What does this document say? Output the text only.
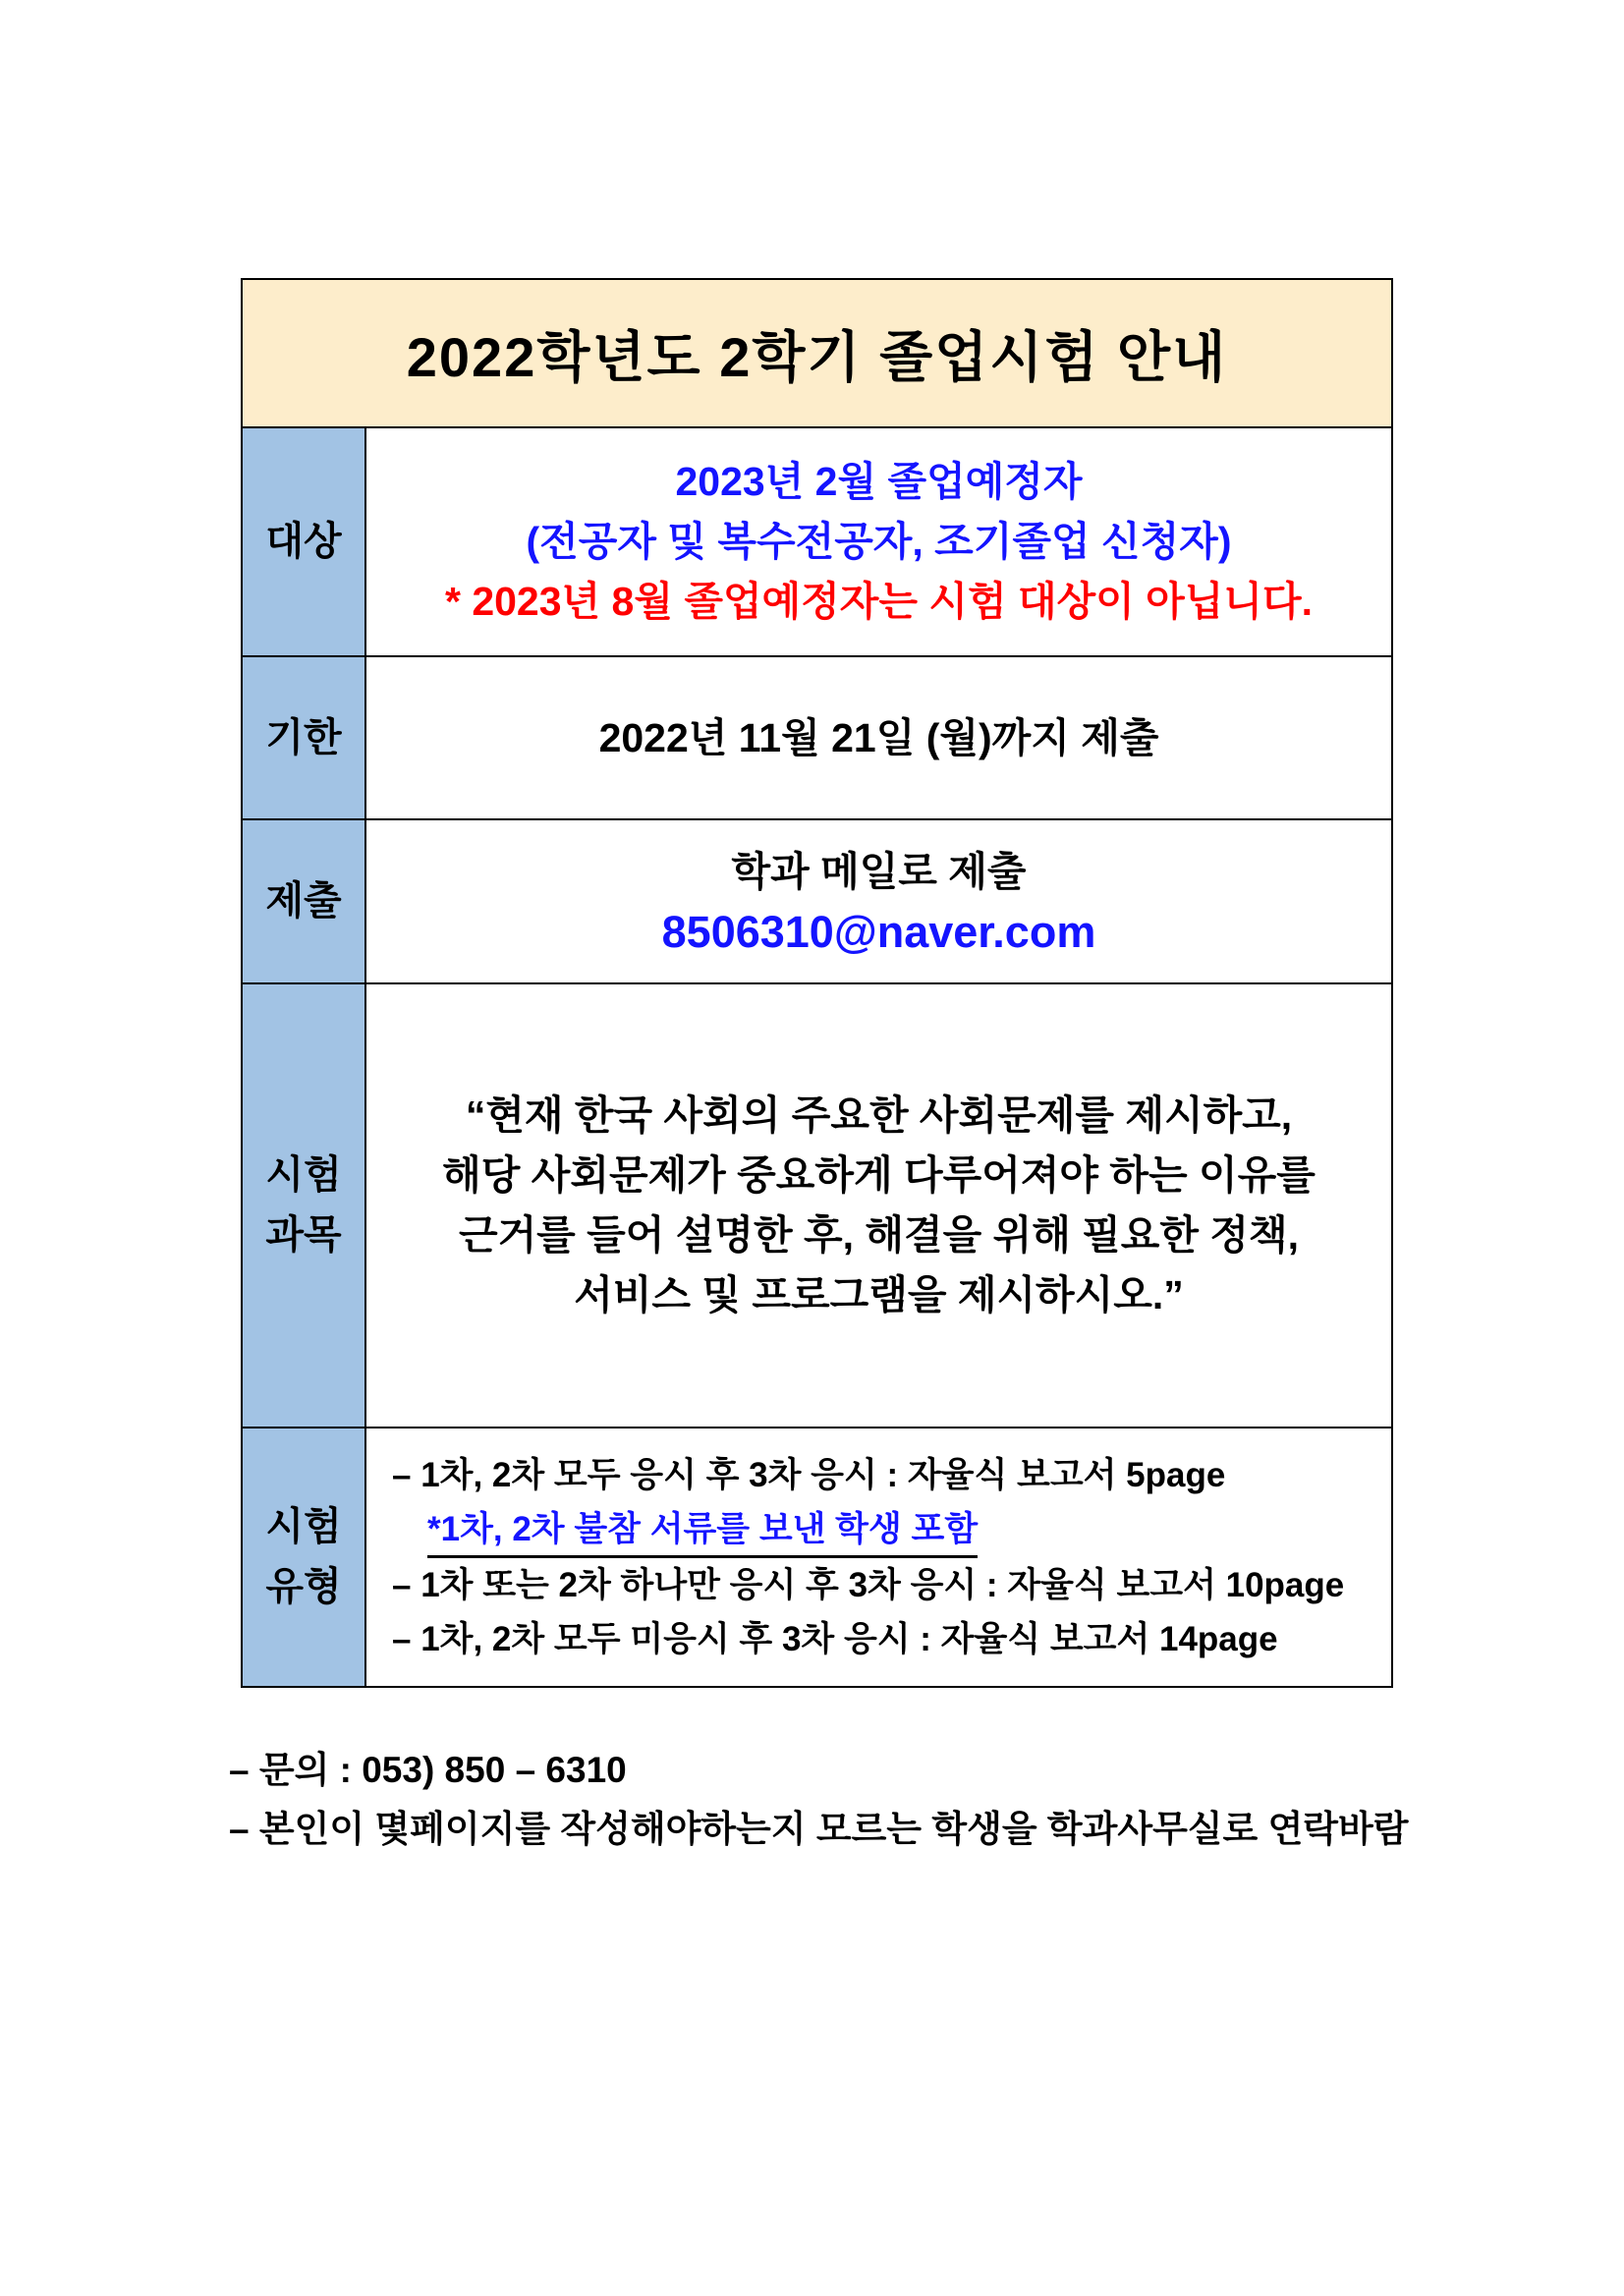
2022학년도 2학기 졸업시험 안내
대상
2023년 2월 졸업예정자
(전공자 및 복수전공자, 조기졸업 신청자)
* 2023년 8월 졸업예정자는 시험 대상이 아닙니다.
기한	2022년 11월 21일 (월)까지 제출
제출
학과 메일로 제출
8506310@naver.com
시험
과목
“현재 한국 사회의 주요한 사회문제를 제시하고,
해당 사회문제가 중요하게 다루어져야 하는 이유를
근거를 들어 설명한 후, 해결을 위해 필요한 정책,
서비스 및 프로그램을 제시하시오.”
시험
유형
– 1차, 2차 모두 응시 후 3차 응시 : 자율식 보고서 5page
*1차, 2차 불참 서류를 보낸 학생 포함
– 1차 또는 2차 하나만 응시 후 3차 응시 : 자율식 보고서 10page
– 1차, 2차 모두 미응시 후 3차 응시 : 자율식 보고서 14page
– 문의 : 053) 850 – 6310
– 본인이 몇페이지를 작성해야하는지 모르는 학생을 학과사무실로 연락바람
